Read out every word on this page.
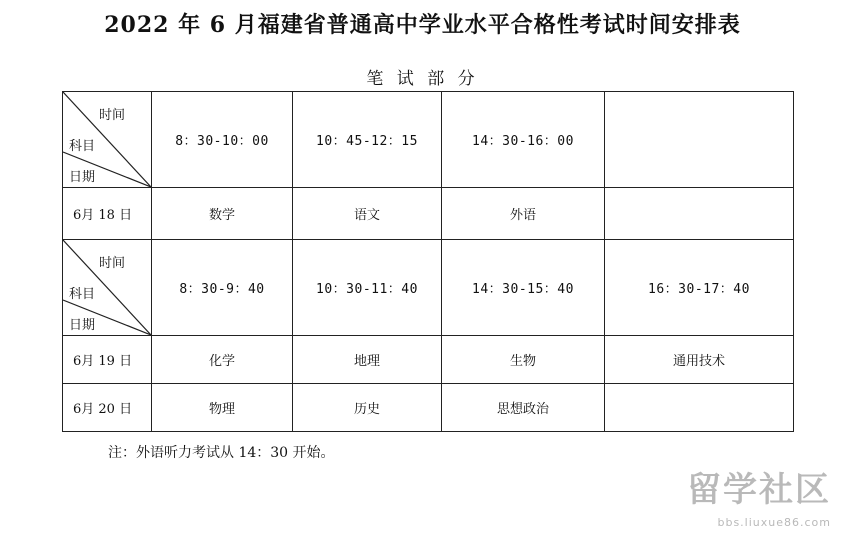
2022 年 6 月福建省普通高中学业水平合格性考试时间安排表
笔 试 部 分
时间
科目
日期	8：30-10：00	10：45-12：15	14：30-16：00	
6月 18 日	数学	语文	外语	

时间
科目
日期	8：30-9：40	10：30-11：40	14：30-15：40	16：30-17：40
6月 19 日	化学	地理	生物	通用技术
6月 20 日	物理	历史	思想政治	
注：外语听力考试从 14：30 开始。
留学社区
bbs.liuxue86.com
